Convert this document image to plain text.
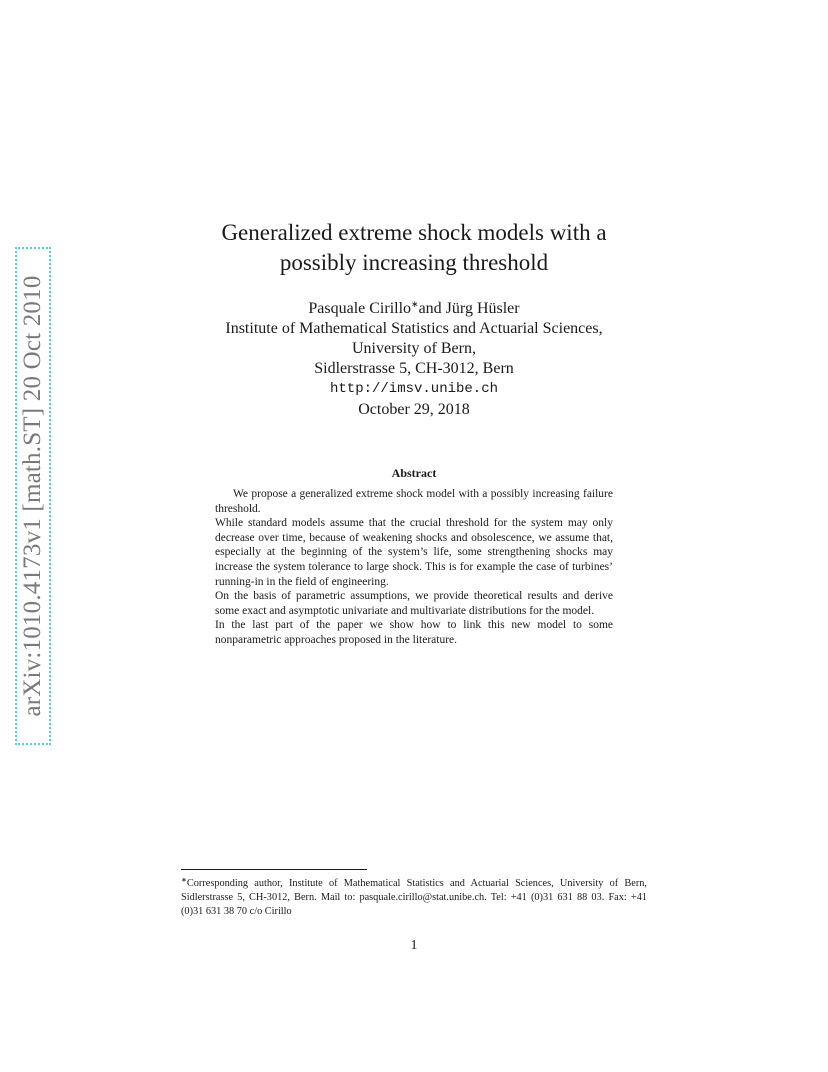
arXiv:1010.4173v1 [math.ST] 20 Oct 2010
Generalized extreme shock models with a
possibly increasing threshold
Pasquale Cirillo∗and Jürg Hüsler
Institute of Mathematical Statistics and Actuarial Sciences,
University of Bern,
Sidlerstrasse 5, CH-3012, Bern
http://imsv.unibe.ch
October 29, 2018
Abstract

We propose a generalized extreme shock model with a possibly increasing failure threshold.

While standard models assume that the crucial threshold for the system may only decrease over time, because of weakening shocks and obsolescence, we assume that, especially at the beginning of the system’s life, some strengthening shocks may increase the system tolerance to large shock. This is for example the case of turbines’ running-in in the field of engineering.

On the basis of parametric assumptions, we provide theoretical results and derive some exact and asymptotic univariate and multivariate distributions for the model.

In the last part of the paper we show how to link this new model to some nonparametric approaches proposed in the literature.

∗Corresponding author, Institute of Mathematical Statistics and Actuarial Sciences, University of Bern, Sidlerstrasse 5, CH-3012, Bern. Mail to: pasquale.cirillo@stat.unibe.ch. Tel: +41 (0)31 631 88 03. Fax: +41 (0)31 631 38 70 c/o Cirillo
1
